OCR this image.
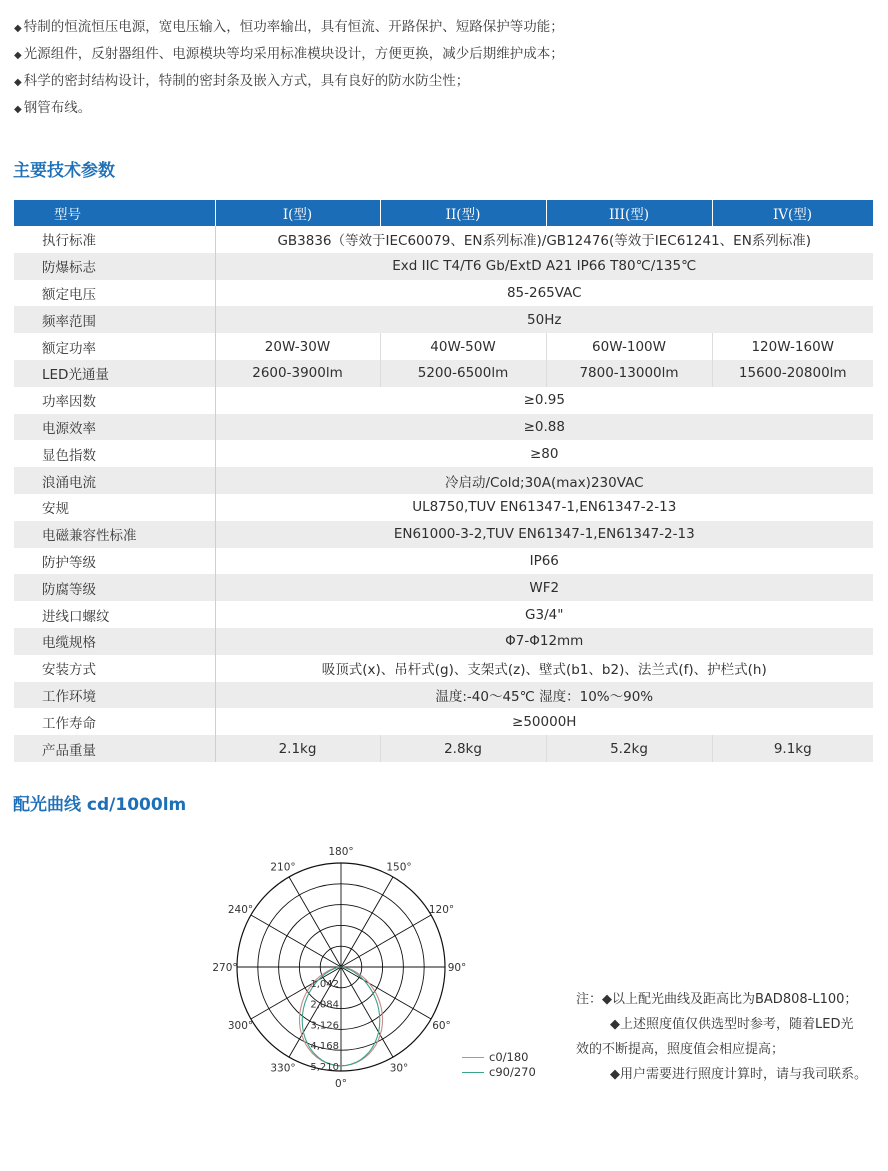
◆ 特制的恒流恒压电源，宽电压输入，恒功率输出，具有恒流、开路保护、短路保护等功能；
◆ 光源组件，反射器组件、电源模块等均采用标准模块设计，方便更换，减少后期维护成本；
◆ 科学的密封结构设计，特制的密封条及嵌入方式，具有良好的防水防尘性；
◆ 钢管布线。
主要技术参数
型号	I(型)	II(型)	III(型)	IV(型)
执行标准	GB3836（等效于IEC60079、EN系列标准)/GB12476(等效于IEC61241、EN系列标准)			
防爆标志	Exd IIC T4/T6 Gb/ExtD A21 IP66 T80℃/135℃			
额定电压	85-265VAC			
频率范围	50Hz			
额定功率	20W-30W	40W-50W	60W-100W	120W-160W
LED光通量	2600-3900lm	5200-6500lm	7800-13000lm	15600-20800lm
功率因数	≥0.95			
电源效率	≥0.88			
显色指数	≥80			
浪涌电流	冷启动/Cold;30A(max)230VAC			
安规	UL8750,TUV EN61347-1,EN61347-2-13			
电磁兼容性标准	EN61000-3-2,TUV EN61347-1,EN61347-2-13			
防护等级	IP66			
防腐等级	WF2			
进线口螺纹	G3/4"			
电缆规格	Φ7-Φ12mm			
安装方式	吸顶式(x)、吊杆式(g)、支架式(z)、壁式(b1、b2)、法兰式(f)、护栏式(h)			
工作环境	温度:-40～45℃ 湿度：10%～90%			
工作寿命	≥50000H			
产品重量	2.1kg	2.8kg	5.2kg	9.1kg
配光曲线 cd/1000lm
180°
150°
120°
90°
60°
30°
0°
330°
300°
270°
240°
210°
1,042
2,084
3,126
4,168
5,210
c0/180
c90/270
注：◆以上配光曲线及距高比为BAD808-L100；
◆上述照度值仅供选型时参考，随着LED光
效的不断提高，照度值会相应提高；
◆用户需要进行照度计算时，请与我司联系。
